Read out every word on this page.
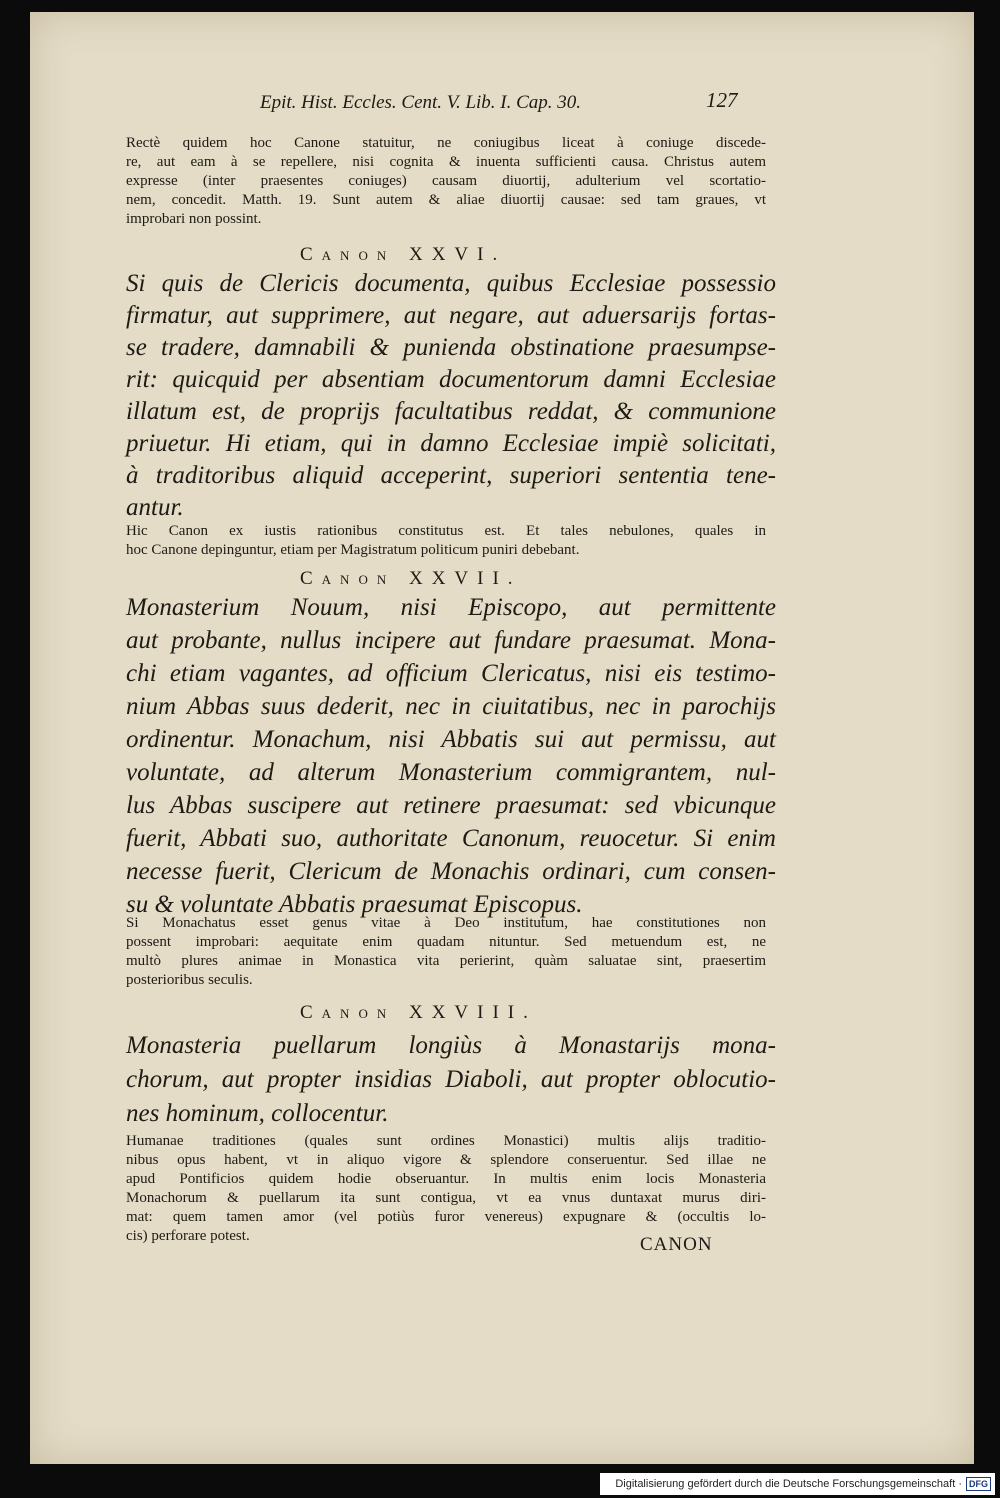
Epit. Hist. Eccles. Cent. V. Lib. I. Cap. 30.	127
Rectè quidem hoc Canone statuitur, ne coniugibus liceat à coniuge discede-
re, aut eam à se repellere, nisi cognita & inuenta sufficienti causa. Christus autem
expresse (inter praesentes coniuges) causam diuortij, adulterium vel scortatio-
nem, concedit. Matth. 19. Sunt autem & aliae diuortij causae: sed tam graues, vt
improbari non possint.
Canon XXVI.
Si quis de Clericis documenta, quibus Ecclesiae possessio
firmatur, aut supprimere, aut negare, aut aduersarijs fortas-
se tradere, damnabili & punienda obstinatione praesumpse-
rit: quicquid per absentiam documentorum damni Ecclesiae
illatum est, de proprijs facultatibus reddat, & communione
priuetur. Hi etiam, qui in damno Ecclesiae impiè solicitati,
à traditoribus aliquid acceperint, superiori sententia tene-
antur.
Hic Canon ex iustis rationibus constitutus est. Et tales nebulones, quales in
hoc Canone depinguntur, etiam per Magistratum politicum puniri debebant.
Canon XXVII.
Monasterium Nouum, nisi Episcopo, aut permittente
aut probante, nullus incipere aut fundare praesumat. Mona-
chi etiam vagantes, ad officium Clericatus, nisi eis testimo-
nium Abbas suus dederit, nec in ciuitatibus, nec in parochijs
ordinentur. Monachum, nisi Abbatis sui aut permissu, aut
voluntate, ad alterum Monasterium commigrantem, nul-
lus Abbas suscipere aut retinere praesumat: sed vbicunque
fuerit, Abbati suo, authoritate Canonum, reuocetur. Si enim
necesse fuerit, Clericum de Monachis ordinari, cum consen-
su & voluntate Abbatis praesumat Episcopus.
Si Monachatus esset genus vitae à Deo institutum, hae constitutiones non
possent improbari: aequitate enim quadam nituntur. Sed metuendum est, ne
multò plures animae in Monastica vita perierint, quàm saluatae sint, praesertim
posterioribus seculis.
Canon XXVIII.
Monasteria puellarum longiùs à Monastarijs mona-
chorum, aut propter insidias Diaboli, aut propter oblocutio-
nes hominum, collocentur.
Humanae traditiones (quales sunt ordines Monastici) multis alijs traditio-
nibus opus habent, vt in aliquo vigore & splendore conseruentur. Sed illae ne
apud Pontificios quidem hodie obseruantur. In multis enim locis Monasteria
Monachorum & puellarum ita sunt contigua, vt ea vnus duntaxat murus diri-
mat: quem tamen amor (vel potiùs furor venereus) expugnare & (occultis lo-
cis) perforare potest.	CANON
Digitalisierung gefördert durch die Deutsche Forschungsgemeinschaft · DFG
